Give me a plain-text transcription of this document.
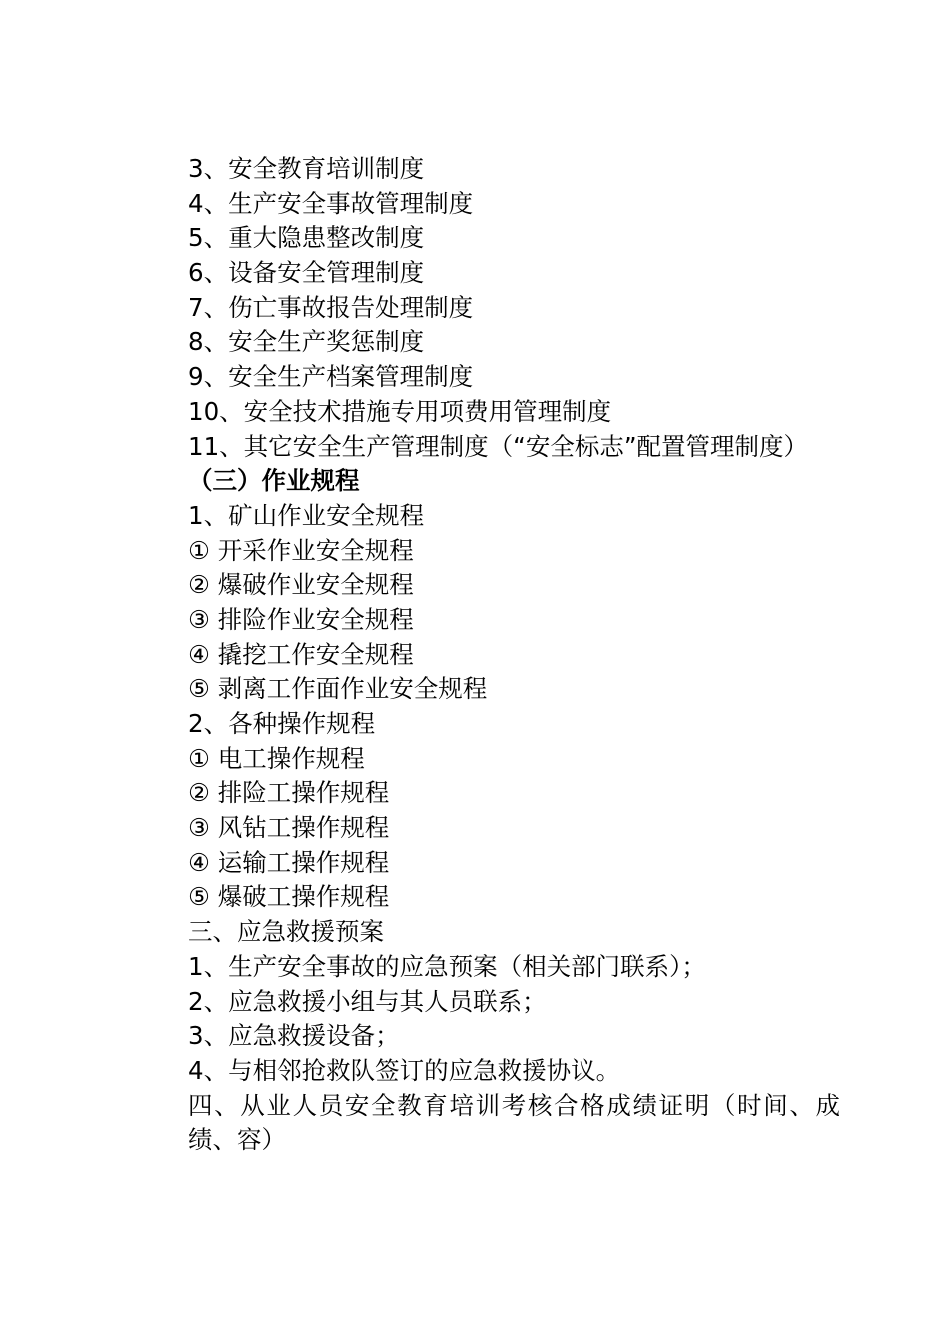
3、安全教育培训制度
4、生产安全事故管理制度
5、重大隐患整改制度
6、设备安全管理制度
7、伤亡事故报告处理制度
8、安全生产奖惩制度
9、安全生产档案管理制度
10、安全技术措施专用项费用管理制度
11、其它安全生产管理制度（“安全标志”配置管理制度）
（三）作业规程
1、矿山作业安全规程
① 开采作业安全规程
② 爆破作业安全规程
③ 排险作业安全规程
④ 撬挖工作安全规程
⑤ 剥离工作面作业安全规程
2、各种操作规程
① 电工操作规程
② 排险工操作规程
③ 风钻工操作规程
④ 运输工操作规程
⑤ 爆破工操作规程
三、应急救援预案
1、生产安全事故的应急预案（相关部门联系）；
2、应急救援小组与其人员联系；
3、应急救援设备；
4、与相邻抢救队签订的应急救援协议。
四、从业人员安全教育培训考核合格成绩证明（时间、成绩、容）
